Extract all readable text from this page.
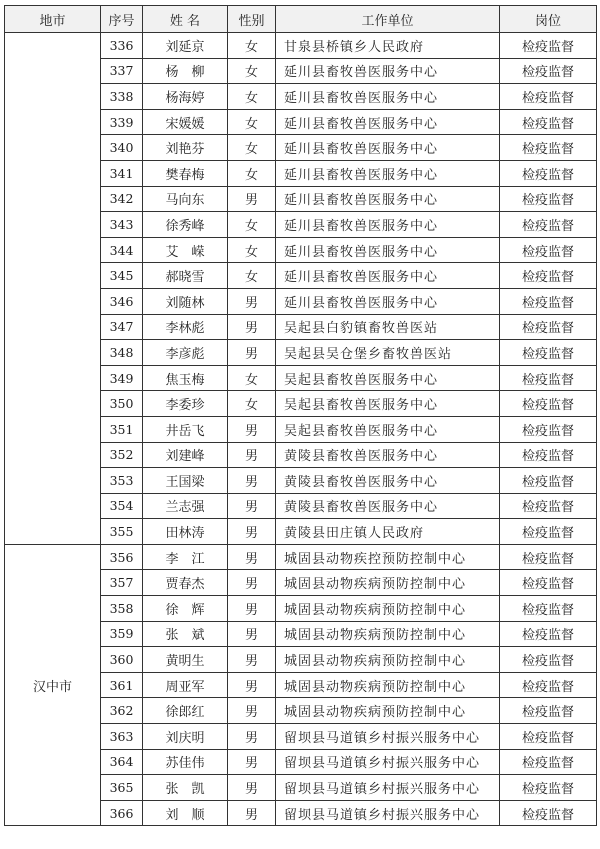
地市	序号	姓 名	性别	工作单位	岗位
	336	刘延京	女	甘泉县桥镇乡人民政府	检疫监督
	337	杨　柳	女	延川县畜牧兽医服务中心	检疫监督
	338	杨海婷	女	延川县畜牧兽医服务中心	检疫监督
	339	宋媛媛	女	延川县畜牧兽医服务中心	检疫监督
	340	刘艳芬	女	延川县畜牧兽医服务中心	检疫监督
	341	樊春梅	女	延川县畜牧兽医服务中心	检疫监督
	342	马向东	男	延川县畜牧兽医服务中心	检疫监督
	343	徐秀峰	女	延川县畜牧兽医服务中心	检疫监督
	344	艾　嵘	女	延川县畜牧兽医服务中心	检疫监督
	345	郝晓雪	女	延川县畜牧兽医服务中心	检疫监督
	346	刘随林	男	延川县畜牧兽医服务中心	检疫监督
	347	李林彪	男	吴起县白豹镇畜牧兽医站	检疫监督
	348	李彦彪	男	吴起县吴仓堡乡畜牧兽医站	检疫监督
	349	焦玉梅	女	吴起县畜牧兽医服务中心	检疫监督
	350	李委珍	女	吴起县畜牧兽医服务中心	检疫监督
	351	井岳飞	男	吴起县畜牧兽医服务中心	检疫监督
	352	刘建峰	男	黄陵县畜牧兽医服务中心	检疫监督
	353	王国梁	男	黄陵县畜牧兽医服务中心	检疫监督
	354	兰志强	男	黄陵县畜牧兽医服务中心	检疫监督
	355	田林涛	男	黄陵县田庄镇人民政府	检疫监督
汉中市	356	李　江	男	城固县动物疾控预防控制中心	检疫监督
	357	贾春杰	男	城固县动物疾病预防控制中心	检疫监督
	358	徐　辉	男	城固县动物疾病预防控制中心	检疫监督
	359	张　斌	男	城固县动物疾病预防控制中心	检疫监督
	360	黄明生	男	城固县动物疾病预防控制中心	检疫监督
	361	周亚军	男	城固县动物疾病预防控制中心	检疫监督
	362	徐郎红	男	城固县动物疾病预防控制中心	检疫监督
	363	刘庆明	男	留坝县马道镇乡村振兴服务中心	检疫监督
	364	苏佳伟	男	留坝县马道镇乡村振兴服务中心	检疫监督
	365	张　凯	男	留坝县马道镇乡村振兴服务中心	检疫监督
	366	刘　顺	男	留坝县马道镇乡村振兴服务中心	检疫监督
